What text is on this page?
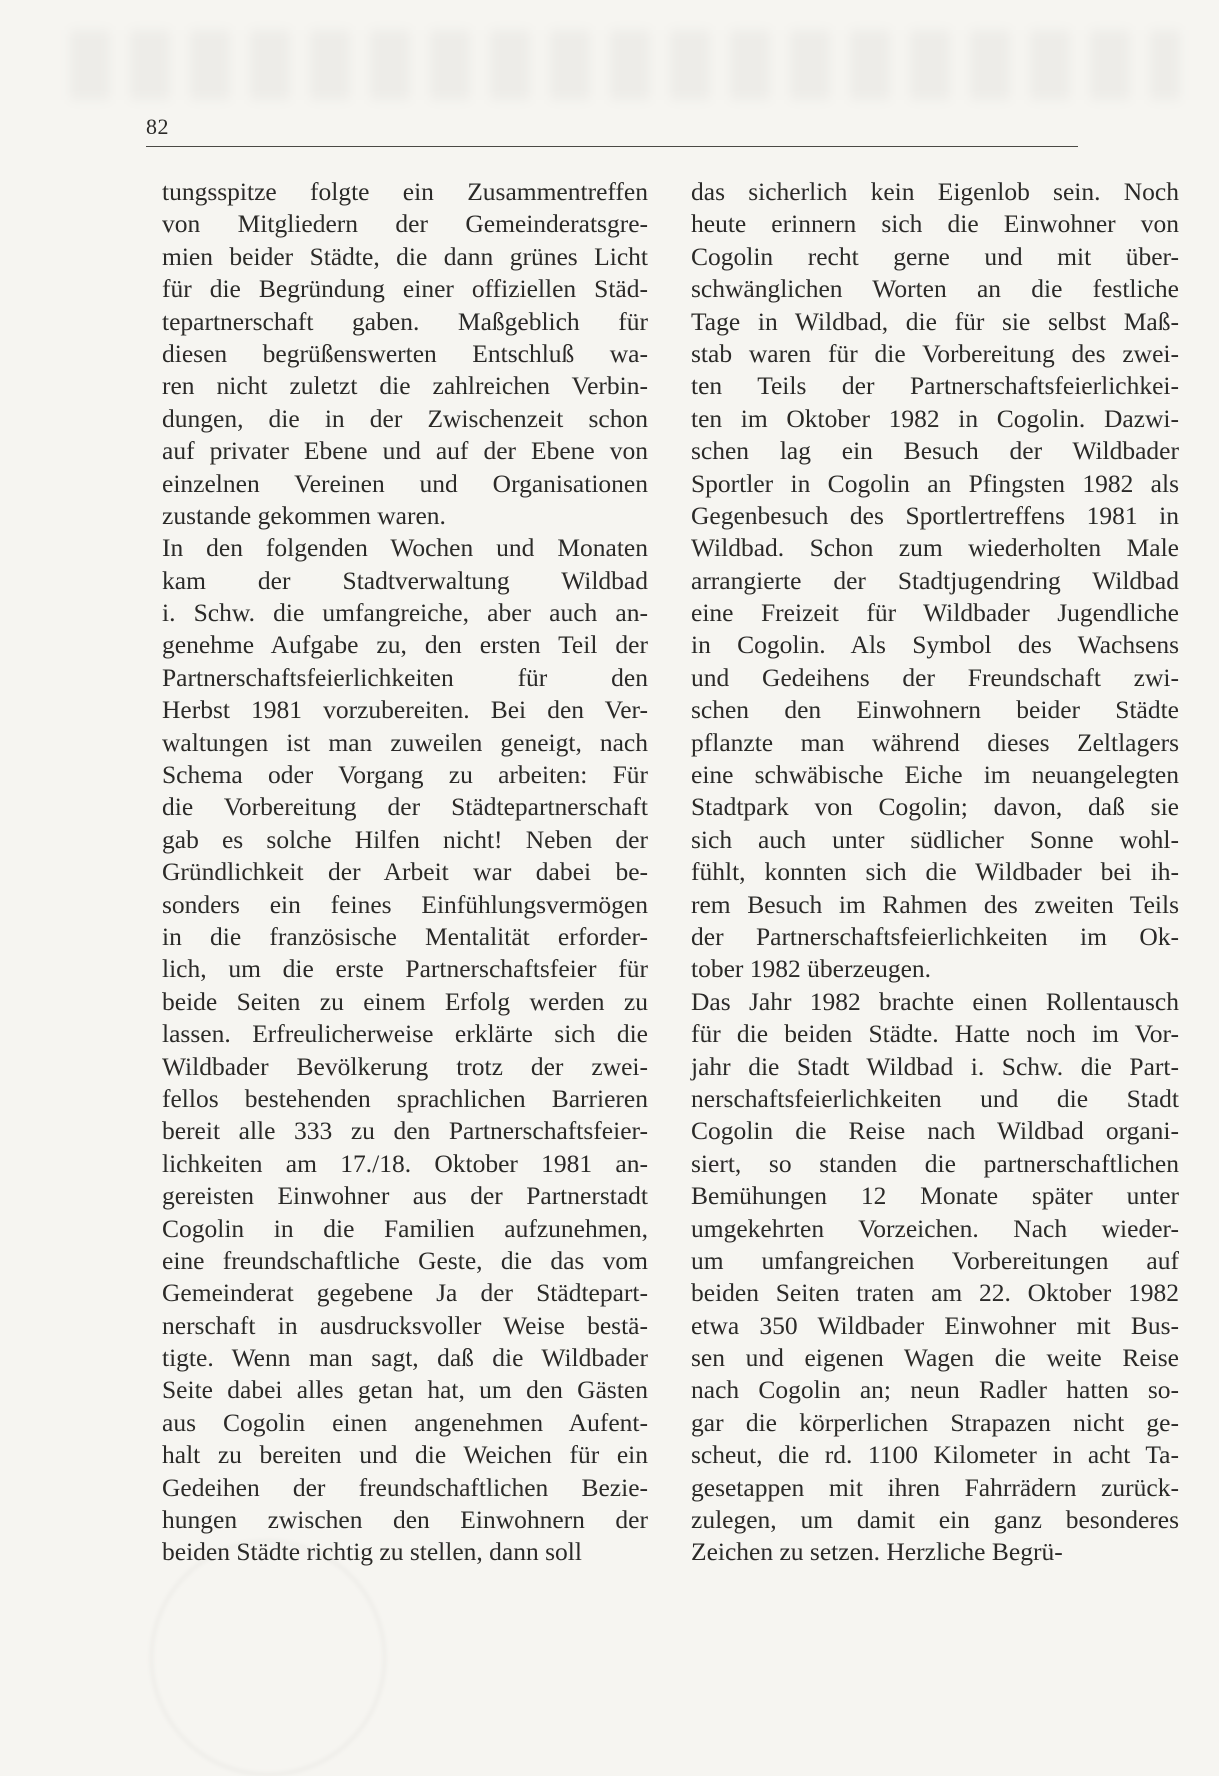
82
tungsspitze folgte ein Zusammentreffen
von Mitgliedern der Gemeinderatsgre-
mien beider Städte, die dann grünes Licht
für die Begründung einer offiziellen Städ-
tepartnerschaft gaben. Maßgeblich für
diesen begrüßenswerten Entschluß wa-
ren nicht zuletzt die zahlreichen Verbin-
dungen, die in der Zwischenzeit schon
auf privater Ebene und auf der Ebene von
einzelnen Vereinen und Organisationen
zustande gekommen waren.
In den folgenden Wochen und Monaten
kam der Stadtverwaltung Wildbad
i. Schw. die umfangreiche, aber auch an-
genehme Aufgabe zu, den ersten Teil der
Partnerschaftsfeierlichkeiten für den
Herbst 1981 vorzubereiten. Bei den Ver-
waltungen ist man zuweilen geneigt, nach
Schema oder Vorgang zu arbeiten: Für
die Vorbereitung der Städtepartnerschaft
gab es solche Hilfen nicht! Neben der
Gründlichkeit der Arbeit war dabei be-
sonders ein feines Einfühlungsvermögen
in die französische Mentalität erforder-
lich, um die erste Partnerschaftsfeier für
beide Seiten zu einem Erfolg werden zu
lassen. Erfreulicherweise erklärte sich die
Wildbader Bevölkerung trotz der zwei-
fellos bestehenden sprachlichen Barrieren
bereit alle 333 zu den Partnerschaftsfeier-
lichkeiten am 17./18. Oktober 1981 an-
gereisten Einwohner aus der Partnerstadt
Cogolin in die Familien aufzunehmen,
eine freundschaftliche Geste, die das vom
Gemeinderat gegebene Ja der Städtepart-
nerschaft in ausdrucksvoller Weise bestä-
tigte. Wenn man sagt, daß die Wildbader
Seite dabei alles getan hat, um den Gästen
aus Cogolin einen angenehmen Aufent-
halt zu bereiten und die Weichen für ein
Gedeihen der freundschaftlichen Bezie-
hungen zwischen den Einwohnern der
beiden Städte richtig zu stellen, dann soll
das sicherlich kein Eigenlob sein. Noch
heute erinnern sich die Einwohner von
Cogolin recht gerne und mit über-
schwänglichen Worten an die festliche
Tage in Wildbad, die für sie selbst Maß-
stab waren für die Vorbereitung des zwei-
ten Teils der Partnerschaftsfeierlichkei-
ten im Oktober 1982 in Cogolin. Dazwi-
schen lag ein Besuch der Wildbader
Sportler in Cogolin an Pfingsten 1982 als
Gegenbesuch des Sportlertreffens 1981 in
Wildbad. Schon zum wiederholten Male
arrangierte der Stadtjugendring Wildbad
eine Freizeit für Wildbader Jugendliche
in Cogolin. Als Symbol des Wachsens
und Gedeihens der Freundschaft zwi-
schen den Einwohnern beider Städte
pflanzte man während dieses Zeltlagers
eine schwäbische Eiche im neuangelegten
Stadtpark von Cogolin; davon, daß sie
sich auch unter südlicher Sonne wohl-
fühlt, konnten sich die Wildbader bei ih-
rem Besuch im Rahmen des zweiten Teils
der Partnerschaftsfeierlichkeiten im Ok-
tober 1982 überzeugen.
Das Jahr 1982 brachte einen Rollentausch
für die beiden Städte. Hatte noch im Vor-
jahr die Stadt Wildbad i. Schw. die Part-
nerschaftsfeierlichkeiten und die Stadt
Cogolin die Reise nach Wildbad organi-
siert, so standen die partnerschaftlichen
Bemühungen 12 Monate später unter
umgekehrten Vorzeichen. Nach wieder-
um umfangreichen Vorbereitungen auf
beiden Seiten traten am 22. Oktober 1982
etwa 350 Wildbader Einwohner mit Bus-
sen und eigenen Wagen die weite Reise
nach Cogolin an; neun Radler hatten so-
gar die körperlichen Strapazen nicht ge-
scheut, die rd. 1100 Kilometer in acht Ta-
gesetappen mit ihren Fahrrädern zurück-
zulegen, um damit ein ganz besonderes
Zeichen zu setzen. Herzliche Begrü-
